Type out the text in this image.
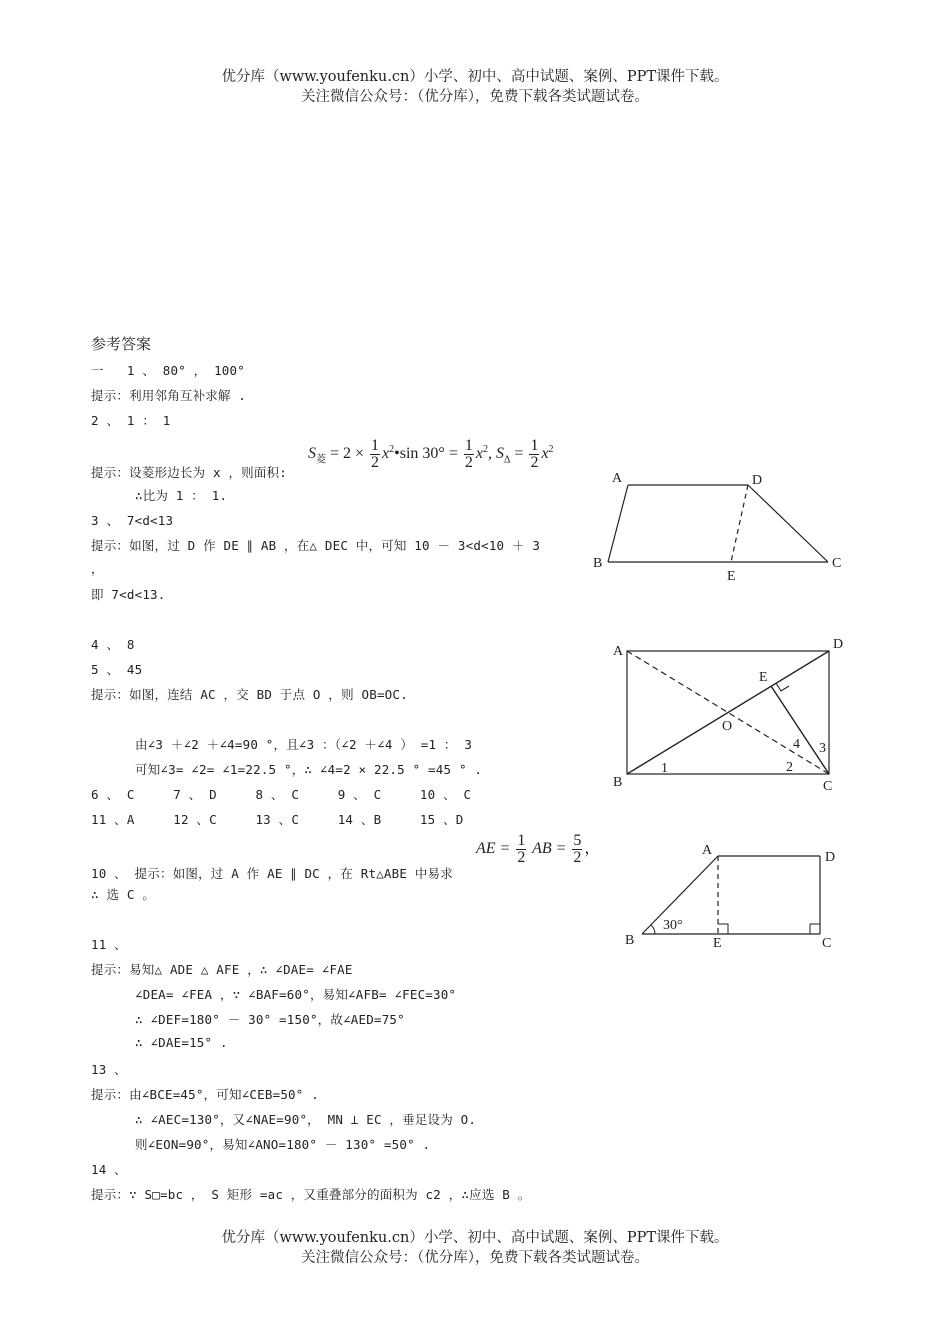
优分库（www.youfenku.cn）小学、初中、高中试题、案例、PPT课件下载。
关注微信公众号：（优分库），免费下载各类试题试卷。
参考答案
一   1 、 80° ， 100°
提示：利用邻角互补求解 .
2 、 1 ： 1
$S_菱 = 2 \times \frac{1}{2}$ $x^2•\sin$ $30^\circ = \frac{1}{2} x^2$, $S_\Delta = \frac{1}{2} x^2$
提示：设菱形边长为 x ，则面积:
∴比为 1 ： 1.
3 、 7<d<13
提示：如图，过 D 作 DE ∥ AB ，在△ DEC 中，可知 10 － 3<d<10 ＋ 3
，
即 7<d<13.
4 、 8
5 、 45
提示：如图，连结 AC ，交 BD 于点 O ，则 OB=OC.
由∠3 ＋∠2 ＋∠4=90 °，且∠3 ：（∠2 ＋∠4 ） =1 ： 3
可知∠3= ∠2= ∠1=22.5 °，∴ ∠4=2 × 22.5 ° =45 ° .
6 、 C     7 、 D     8 、 C     9 、 C     10 、 C
11 、A     12 、C     13 、C     14 、B     15 、D
AE = $\frac{1}{2}$ AB = $\frac{5}{2}$ ，
10 、 提示：如图，过 A 作 AE ∥ DC ，在 Rt△ABE 中易求
∴ 选 C 。
11 、
提示：易知△ ADE △ AFE ，∴ ∠DAE= ∠FAE
∠DEA= ∠FEA ，∵ ∠BAF=60°，易知∠AFB= ∠FEC=30°
∴ ∠DEF=180° － 30° =150°，故∠AED=75°
∴ ∠DAE=15° .
13 、
提示：由∠BCE=45°，可知∠CEB=50° .
∴ ∠AEC=130°，又∠NAE=90°， MN ⊥ EC ，垂足设为 O.
则∠EON=90°，易知∠ANO=180° － 130° =50° .
14 、
提示：∵ S□=bc ， S 矩形 =ac ，又重叠部分的面积为 c2 ，∴应选 B 。
A	D
B	C
E
A	D
B	C
E
O
1	2
3
4
A	D
B	C
E
30°
优分库（www.youfenku.cn）小学、初中、高中试题、案例、PPT课件下载。
关注微信公众号：（优分库），免费下载各类试题试卷。
